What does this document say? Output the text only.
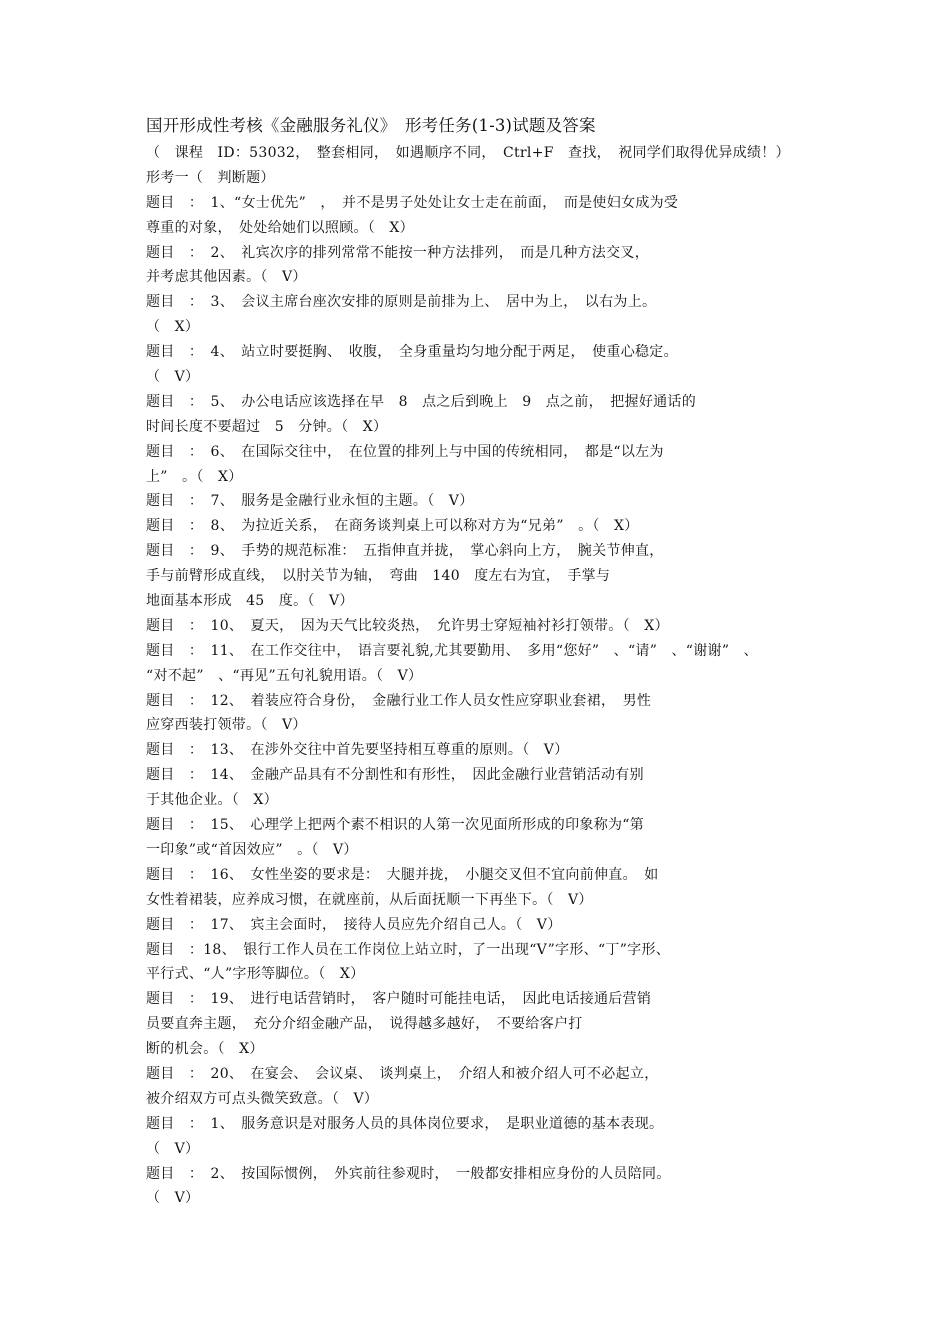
国开形成性考核《金融服务礼仪》　形考任务(1-3)试题及答案
（　课程　ID：53032，　整套相同，　如遇顺序不同，　Ctrl+F　查找，　祝同学们取得优异成绩！）
形考一（　判断题）
题目　：　1、“女士优先”　，　并不是男子处处让女士走在前面，　而是使妇女成为受
尊重的对象，　处处给她们以照顾。（　X）
题目　：　2、　礼宾次序的排列常常不能按一种方法排列，　而是几种方法交叉，
并考虑其他因素。（　V）
题目　：　3、　会议主席台座次安排的原则是前排为上、　居中为上，　以右为上。
（　X）
题目　：　4、　站立时要挺胸、　收腹，　全身重量均匀地分配于两足，　使重心稳定。
（　V）
题目　：　5、　办公电话应该选择在早　8　点之后到晚上　9　点之前，　把握好通话的
时间长度不要超过　5　分钟。（　X）
题目　：　6、　在国际交往中，　在位置的排列上与中国的传统相同，　都是“以左为
上”　。（　X）
题目　：　7、　服务是金融行业永恒的主题。（　V）
题目　：　8、　为拉近关系，　在商务谈判桌上可以称对方为“兄弟”　。（　X）
题目　：　9、　手势的规范标准：　五指伸直并拢，　掌心斜向上方，　腕关节伸直，
手与前臂形成直线，　以肘关节为轴，　弯曲　140　度左右为宜，　手掌与
地面基本形成　45　度。（　V）
题目　：　10、　夏天，　因为天气比较炎热，　允许男士穿短袖衬衫打领带。（　X）
题目　：　11、　在工作交往中，　语言要礼貌,尤其要勤用、　多用“您好”　、“请”　、“谢谢”　、
“对不起”　、“再见”五句礼貌用语。（　V）
题目　：　12、　着装应符合身份，　金融行业工作人员女性应穿职业套裙，　男性
应穿西装打领带。（　V）
题目　：　13、　在涉外交往中首先要坚持相互尊重的原则。（　V）
题目　：　14、　金融产品具有不分割性和有形性，　因此金融行业营销活动有别
于其他企业。（　X）
题目　：　15、　心理学上把两个素不相识的人第一次见面所形成的印象称为“第
一印象”或“首因效应”　。（　V）
题目　：　16、　女性坐姿的要求是：　大腿并拢，　小腿交叉但不宜向前伸直。　如
女性着裙装，应养成习惯，在就座前，从后面抚顺一下再坐下。（　V）
题目　：　17、　宾主会面时，　接待人员应先介绍自己人。（　V）
题目　：18、　银行工作人员在工作岗位上站立时，了一出现“V”字形、“丁”字形、
平行式、“人”字形等脚位。（　X）
题目　：　19、　进行电话营销时，　客户随时可能挂电话，　因此电话接通后营销
员要直奔主题，　充分介绍金融产品，　说得越多越好，　不要给客户打
断的机会。（　X）
题目　：　20、　在宴会、　会议桌、　谈判桌上，　介绍人和被介绍人可不必起立，
被介绍双方可点头微笑致意。（　V）
题目　：　1、　服务意识是对服务人员的具体岗位要求，　是职业道德的基本表现。
（　V）
题目　：　2、　按国际惯例，　外宾前往参观时，　一般都安排相应身份的人员陪同。
（　V）
